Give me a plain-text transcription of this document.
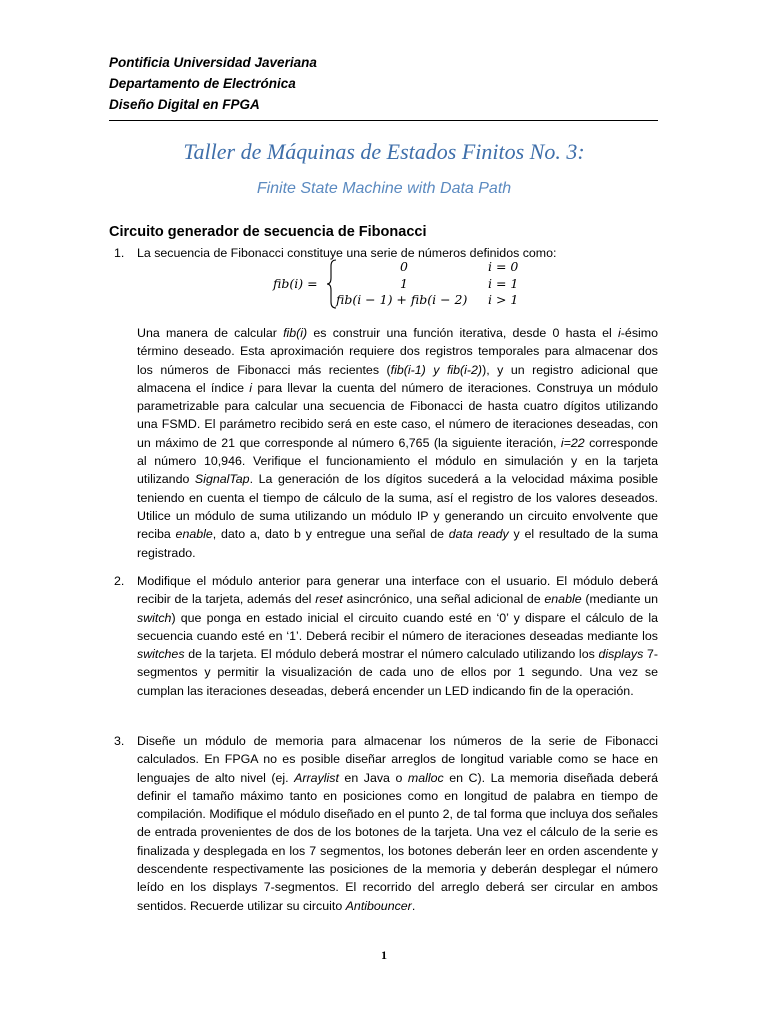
Pontificia Universidad Javeriana
Departamento de Electrónica
Diseño Digital en FPGA
Taller de Máquinas de Estados Finitos No. 3:
Finite State Machine with Data Path
Circuito generador de secuencia de Fibonacci
1. La secuencia de Fibonacci constituye una serie de números definidos como:
Una manera de calcular fib(i) es construir una función iterativa, desde 0 hasta el i-ésimo término deseado. Esta aproximación requiere dos registros temporales para almacenar dos los números de Fibonacci más recientes (fib(i-1) y fib(i-2)), y un registro adicional que almacena el índice i para llevar la cuenta del número de iteraciones. Construya un módulo parametrizable para calcular una secuencia de Fibonacci de hasta cuatro dígitos utilizando una FSMD. El parámetro recibido será en este caso, el número de iteraciones deseadas, con un máximo de 21 que corresponde al número 6,765 (la siguiente iteración, i=22 corresponde al número 10,946. Verifique el funcionamiento el módulo en simulación y en la tarjeta utilizando SignalTap. La generación de los dígitos sucederá a la velocidad máxima posible teniendo en cuenta el tiempo de cálculo de la suma, así el registro de los valores deseados. Utilice un módulo de suma utilizando un módulo IP y generando un circuito envolvente que reciba enable, dato a, dato b y entregue una señal de data ready y el resultado de la suma registrado.
fib(i) =
0	i = 0
1	i = 1
fib(i − 1) + fib(i − 2) i > 1
2. Modifique el módulo anterior para generar una interface con el usuario. El módulo deberá recibir de la tarjeta, además del reset asincrónico, una señal adicional de enable (mediante un switch) que ponga en estado inicial el circuito cuando esté en ‘0’ y dispare el cálculo de la secuencia cuando esté en ‘1’. Deberá recibir el número de iteraciones deseadas mediante los switches de la tarjeta. El módulo deberá mostrar el número calculado utilizando los displays 7-segmentos y permitir la visualización de cada uno de ellos por 1 segundo. Una vez se cumplan las iteraciones deseadas, deberá encender un LED indicando fin de la operación.
3. Diseñe un módulo de memoria para almacenar los números de la serie de Fibonacci calculados. En FPGA no es posible diseñar arreglos de longitud variable como se hace en lenguajes de alto nivel (ej. Arraylist en Java o malloc en C). La memoria diseñada deberá definir el tamaño máximo tanto en posiciones como en longitud de palabra en tiempo de compilación. Modifique el módulo diseñado en el punto 2, de tal forma que incluya dos señales de entrada provenientes de dos de los botones de la tarjeta. Una vez el cálculo de la serie es finalizada y desplegada en los 7 segmentos, los botones deberán leer en orden ascendente y descendente respectivamente las posiciones de la memoria y deberán desplegar el número leído en los displays 7-segmentos. El recorrido del arreglo deberá ser circular en ambos sentidos. Recuerde utilizar su circuito Antibouncer.
1
